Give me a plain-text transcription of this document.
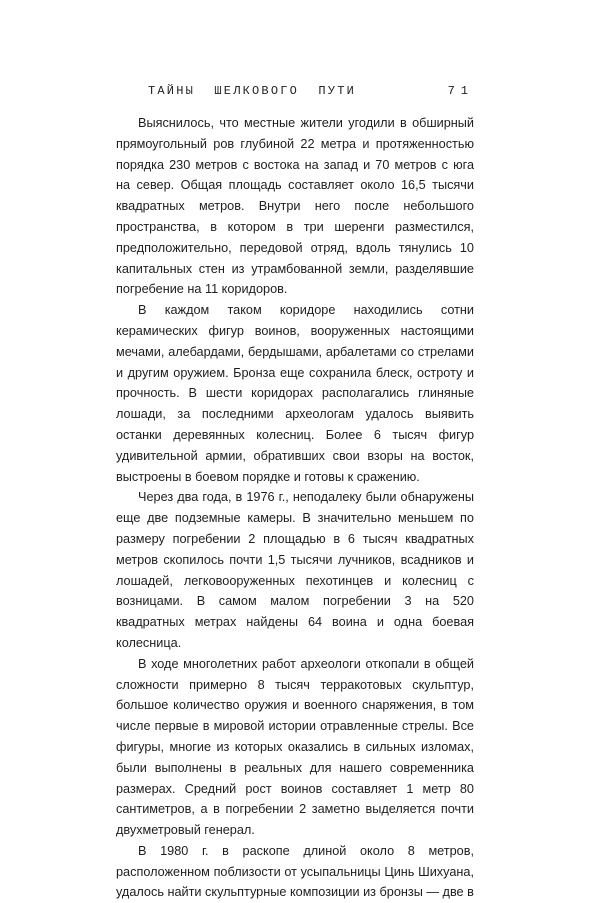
ТАЙНЫ ШЕЛКОВОГО ПУТИ	71

Выяснилось, что местные жители угодили в обширный прямоугольный ров глубиной 22 метра и протяженностью порядка 230 метров с востока на запад и 70 метров с юга на север. Общая площадь составляет около 16,5 тысячи квадратных метров. Внутри него после небольшого пространства, в котором в три шеренги разместился, предположительно, передовой отряд, вдоль тянулись 10 капитальных стен из утрамбованной земли, разделявшие погребение на 11 коридоров.

В каждом таком коридоре находились сотни керамических фигур воинов, вооруженных настоящими мечами, алебардами, бердышами, арбалетами со стрелами и другим оружием. Бронза еще сохранила блеск, остроту и прочность. В шести коридорах располагались глиняные лошади, за последними археологам удалось выявить останки деревянных колесниц. Более 6 тысяч фигур удивительной армии, обративших свои взоры на восток, выстроены в боевом порядке и готовы к сражению.

Через два года, в 1976 г., неподалеку были обнаружены еще две подземные камеры. В значительно меньшем по размеру погребении 2 площадью в 6 тысяч квадратных метров скопилось почти 1,5 тысячи лучников, всадников и лошадей, легковооруженных пехотинцев и колесниц с возницами. В самом малом погребении 3 на 520 квадратных метрах найдены 64 воина и одна боевая колесница.

В ходе многолетних работ археологи откопали в общей сложности примерно 8 тысяч терракотовых скульптур, большое количество оружия и военного снаряжения, в том числе первые в мировой истории отравленные стрелы. Все фигуры, многие из которых оказались в сильных изломах, были выполнены в реальных для нашего современника размерах. Средний рост воинов составляет 1 метр 80 сантиметров, а в погребении 2 заметно выделяется почти двухметровый генерал.

В 1980 г. в раскопе длиной около 8 метров, расположенном поблизости от усыпальницы Цинь Шихуана, удалось найти скульптурные композиции из бронзы — две в
